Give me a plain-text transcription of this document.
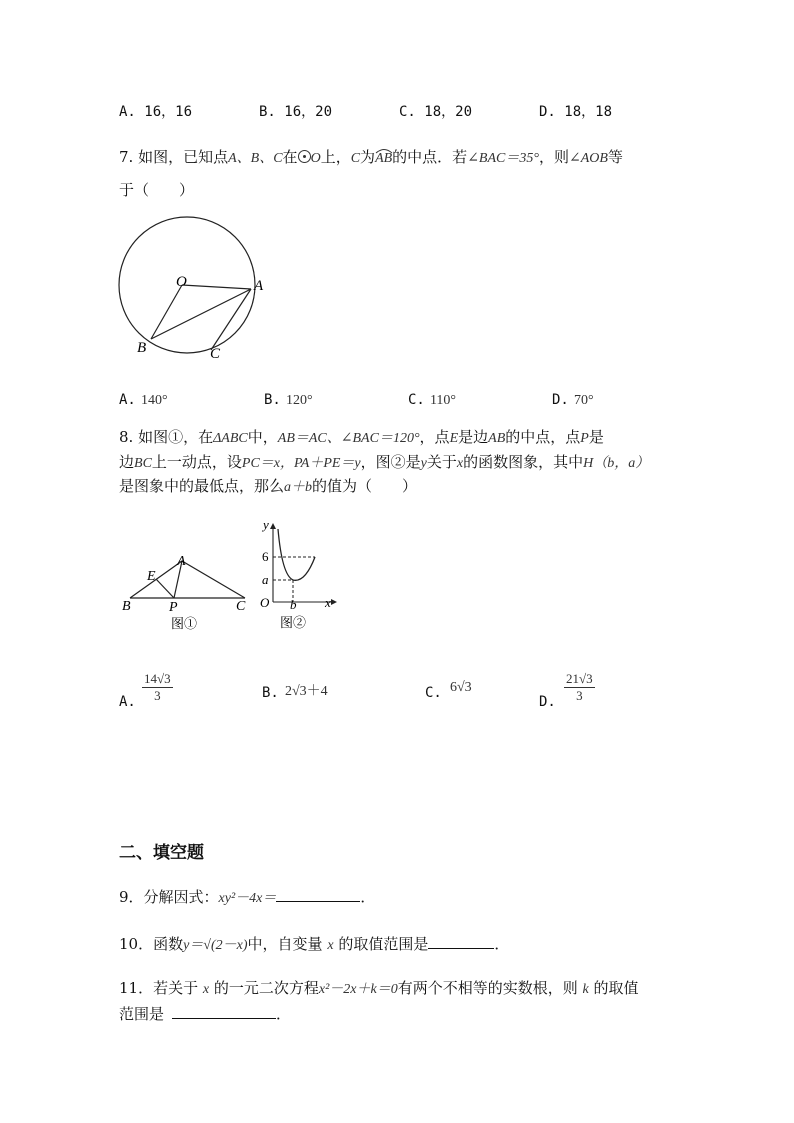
A. 16，16	B. 16，20	C. 18，20	D. 18，18
7. 如图，已知点A、B、C在 O上，C为
AB的中点．若∠BAC＝35°，则∠AOB等
于（　　）
O	A
B	C
A. 140°	B. 120°	C. 110°	D. 70°
8. 如图①，在ΔABC中，AB＝AC、∠BAC＝120°，点E是边AB的中点，点P是
边BC上一动点，设PC＝x，PA＋PE＝y，图②是y关于x的函数图象，其中H（b，a）
是图象中的最低点，那么a＋b的值为（　　）
A
E
B	P	C
图①
y
x
O
6
a
b
图②
A. $\frac{14√3}{3}$	B. 2√3＋4	C. 6√3
D. $\frac{21√3}{3}$
二、填空题
9．分解因式：xy²－4x＝	．
10．函数y＝√(2－x)中，自变量 x 的取值范围是	．
11．若关于 x 的一元二次方程x²－2x＋k＝0有两个不相等的实数根，则 k 的取值
范围是	．
